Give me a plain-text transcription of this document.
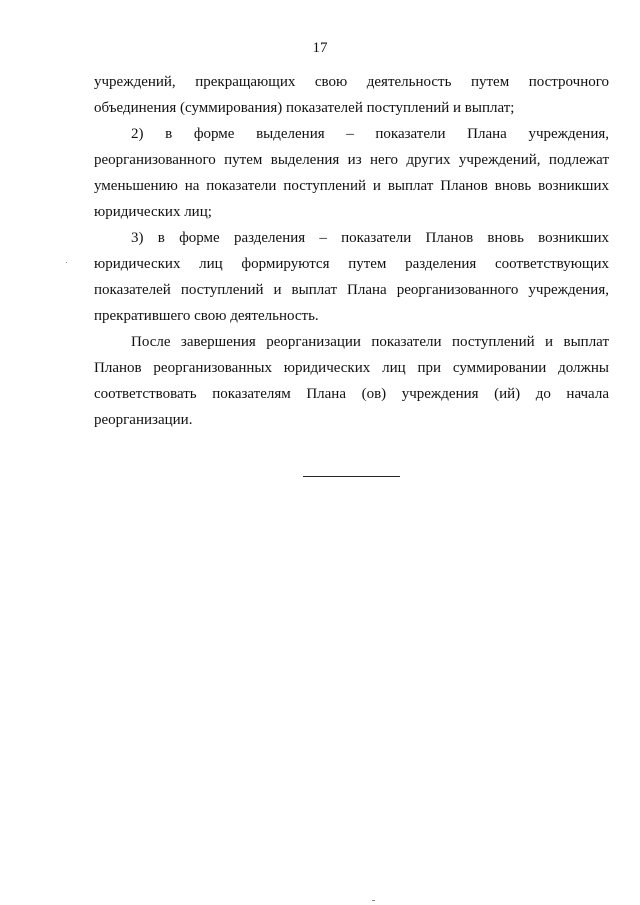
17

учреждений, прекращающих свою деятельность путем построчного объединения (суммирования) показателей поступлений и выплат;

2) в форме выделения – показатели Плана учреждения, реорганизованного путем выделения из него других учреждений, подлежат уменьшению на показатели поступлений и выплат Планов вновь возникших юридических лиц;

3) в форме разделения – показатели Планов вновь возникших юридических лиц формируются путем разделения соответствующих показателей поступлений и выплат Плана реорганизованного учреждения, прекратившего свою деятельность.

После завершения реорганизации показатели поступлений и выплат Планов реорганизованных юридических лиц при суммировании должны соответствовать показателям Плана (ов) учреждения (ий) до начала реорганизации.
